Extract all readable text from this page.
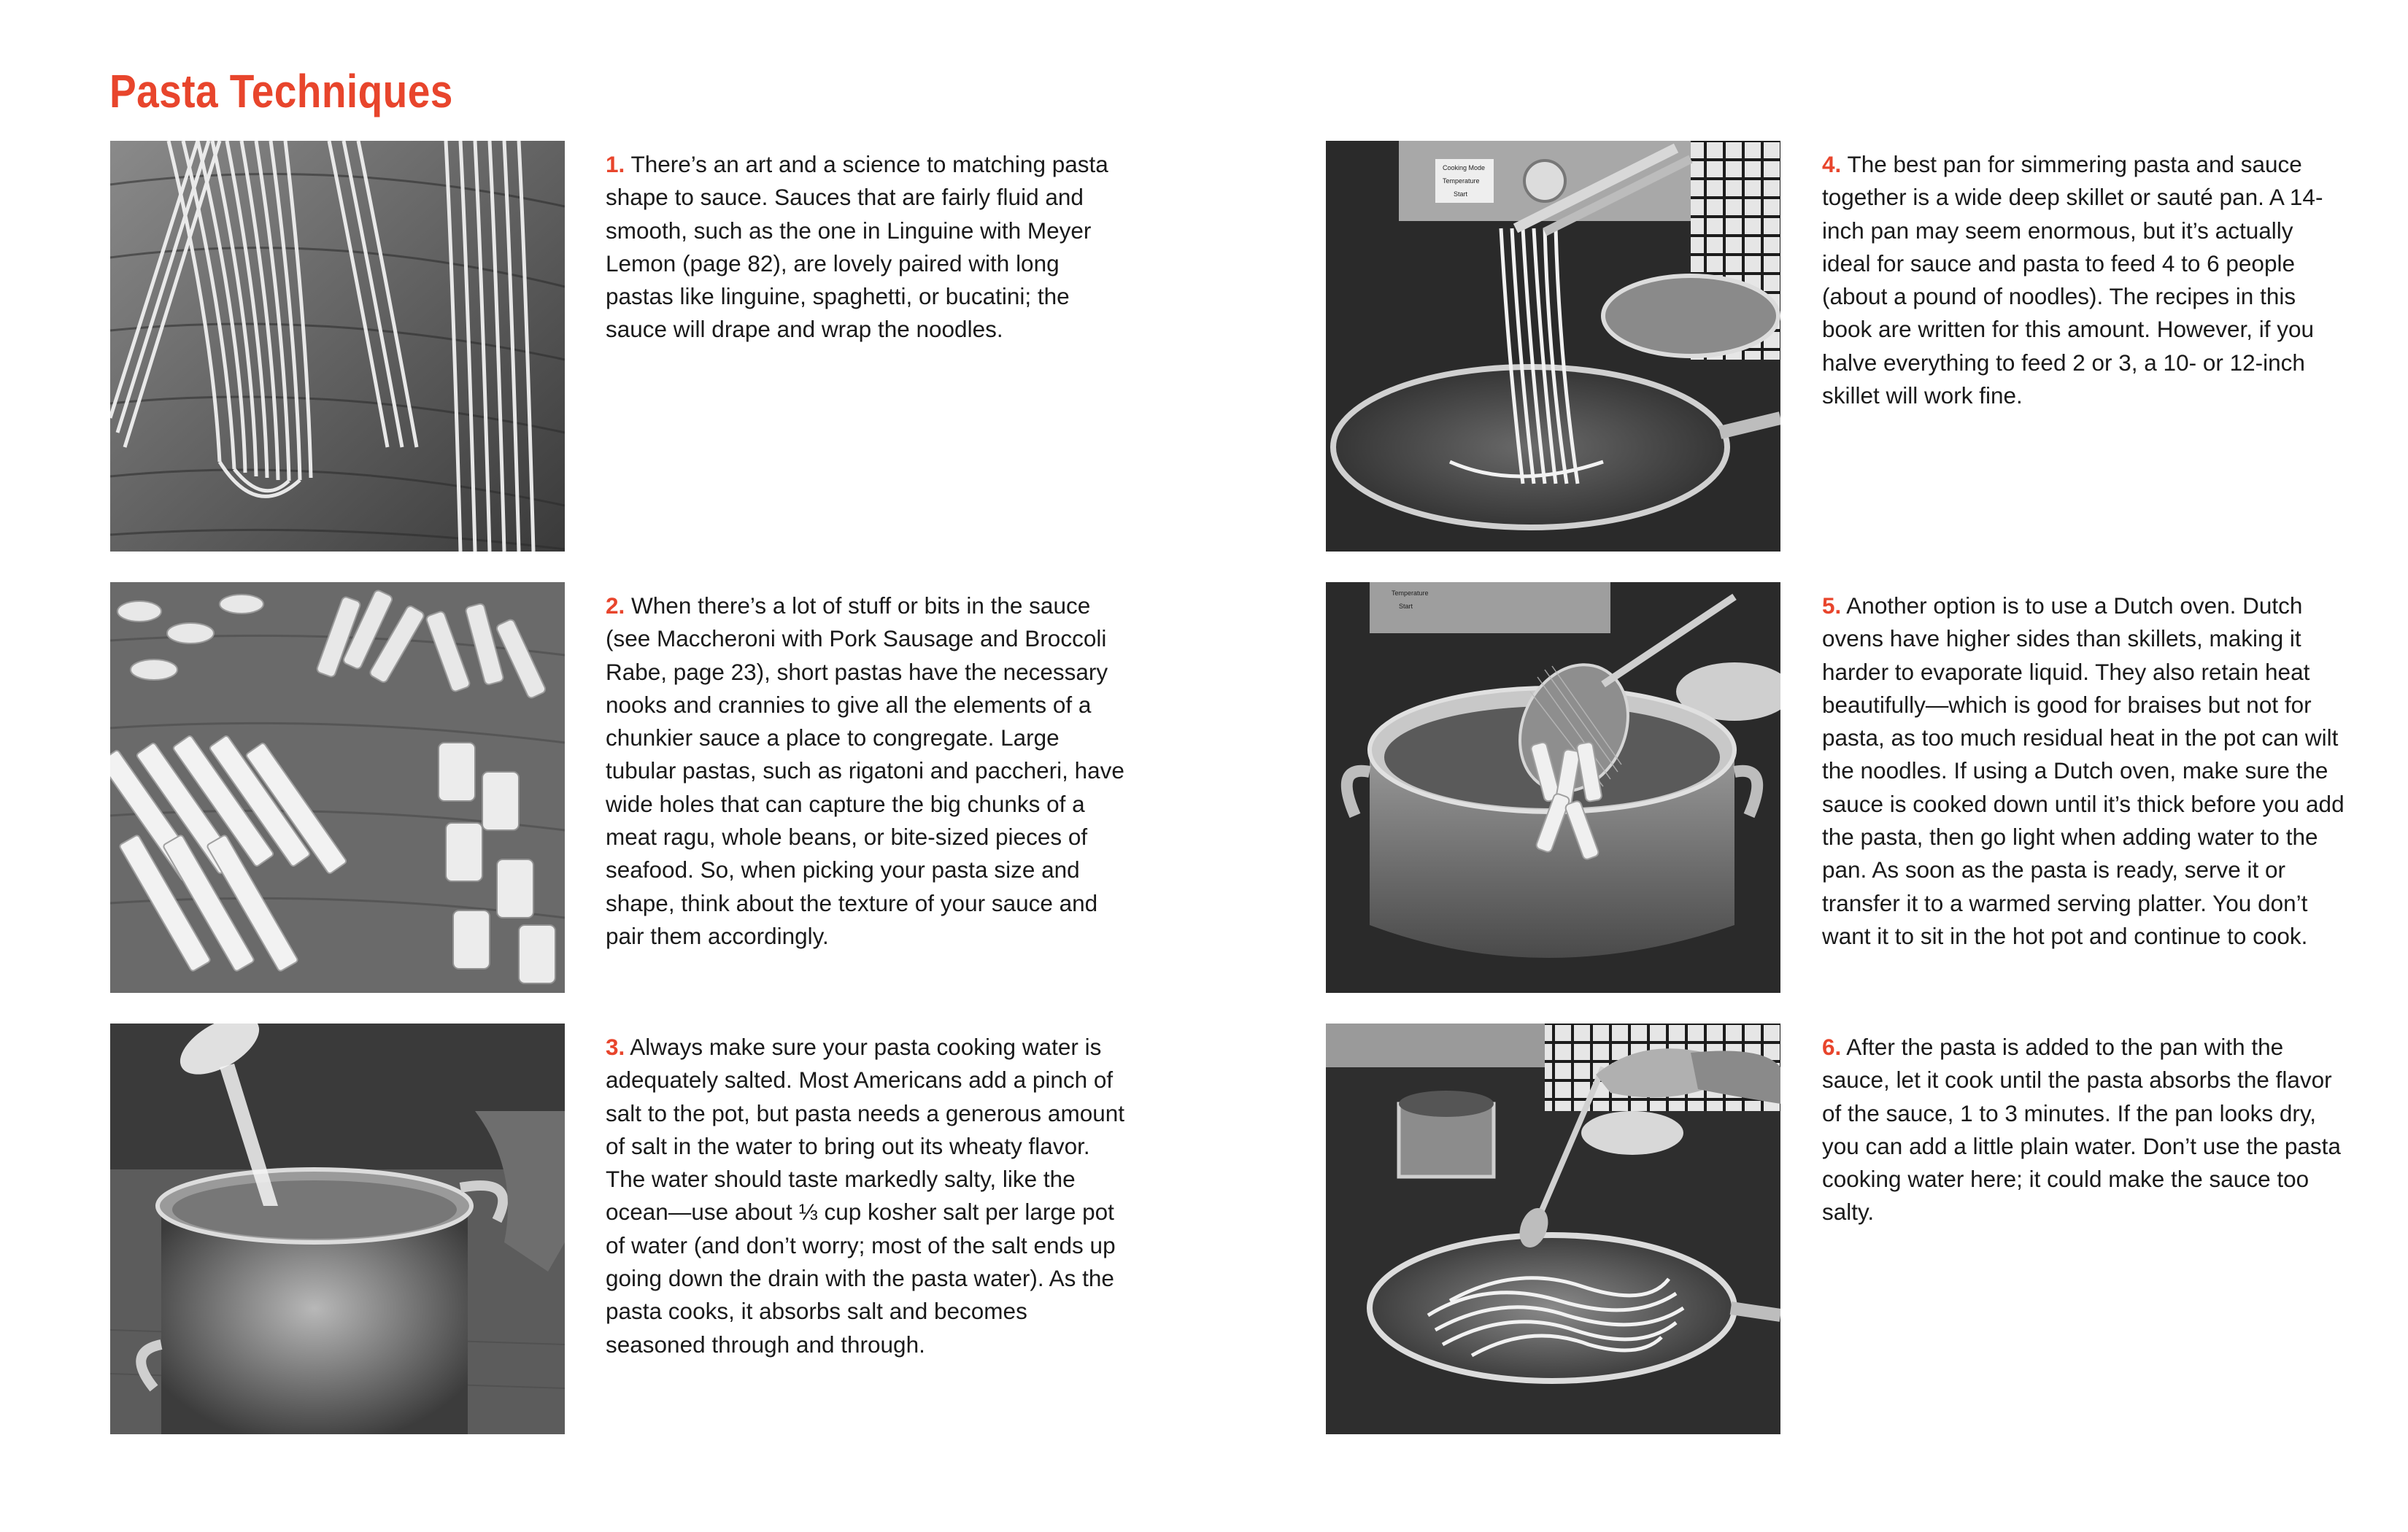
Pasta Techniques
Cooking Mode
Temperature
Start
Temperature
Start

1. There’s an art and a science to matching pasta shape to sauce. Sauces that are fairly fluid and smooth, such as the one in Linguine with Meyer Lemon (page 82), are lovely paired with long pastas like linguine, spaghetti, or bucatini; the sauce will drape and wrap the noodles.

2. When there’s a lot of stuff or bits in the sauce (see Maccheroni with Pork Sausage and Broccoli Rabe, page 23), short pastas have the necessary nooks and crannies to give all the elements of a chunkier sauce a place to congregate. Large tubular pastas, such as rigatoni and paccheri, have wide holes that can capture the big chunks of a meat ragu, whole beans, or bite-sized pieces of seafood. So, when picking your pasta size and shape, think about the texture of your sauce and pair them accordingly.

3. Always make sure your pasta cooking water is adequately salted. Most Americans add a pinch of salt to the pot, but pasta needs a generous amount of salt in the water to bring out its wheaty flavor. The water should taste markedly salty, like the ocean—use about ⅓ cup kosher salt per large pot of water (and don’t worry; most of the salt ends up going down the drain with the pasta water). As the pasta cooks, it absorbs salt and becomes seasoned through and through.

4. The best pan for simmering pasta and sauce together is a wide deep skillet or sauté pan. A 14-inch pan may seem enormous, but it’s actually ideal for sauce and pasta to feed 4 to 6 people (about a pound of noodles). The recipes in this book are written for this amount. However, if you halve everything to feed 2 or 3, a 10- or 12-inch skillet will work fine.

5. Another option is to use a Dutch oven. Dutch ovens have higher sides than skillets, making it harder to evaporate liquid. They also retain heat beautifully—which is good for braises but not for pasta, as too much residual heat in the pot can wilt the noodles. If using a Dutch oven, make sure the sauce is cooked down until it’s thick before you add the pasta, then go light when adding water to the pan. As soon as the pasta is ready, serve it or transfer it to a warmed serving platter. You don’t want it to sit in the hot pot and continue to cook.

6. After the pasta is added to the pan with the sauce, let it cook until the pasta absorbs the flavor of the sauce, 1 to 3 minutes. If the pan looks dry, you can add a little plain water. Don’t use the pasta cooking water here; it could make the sauce too salty.
